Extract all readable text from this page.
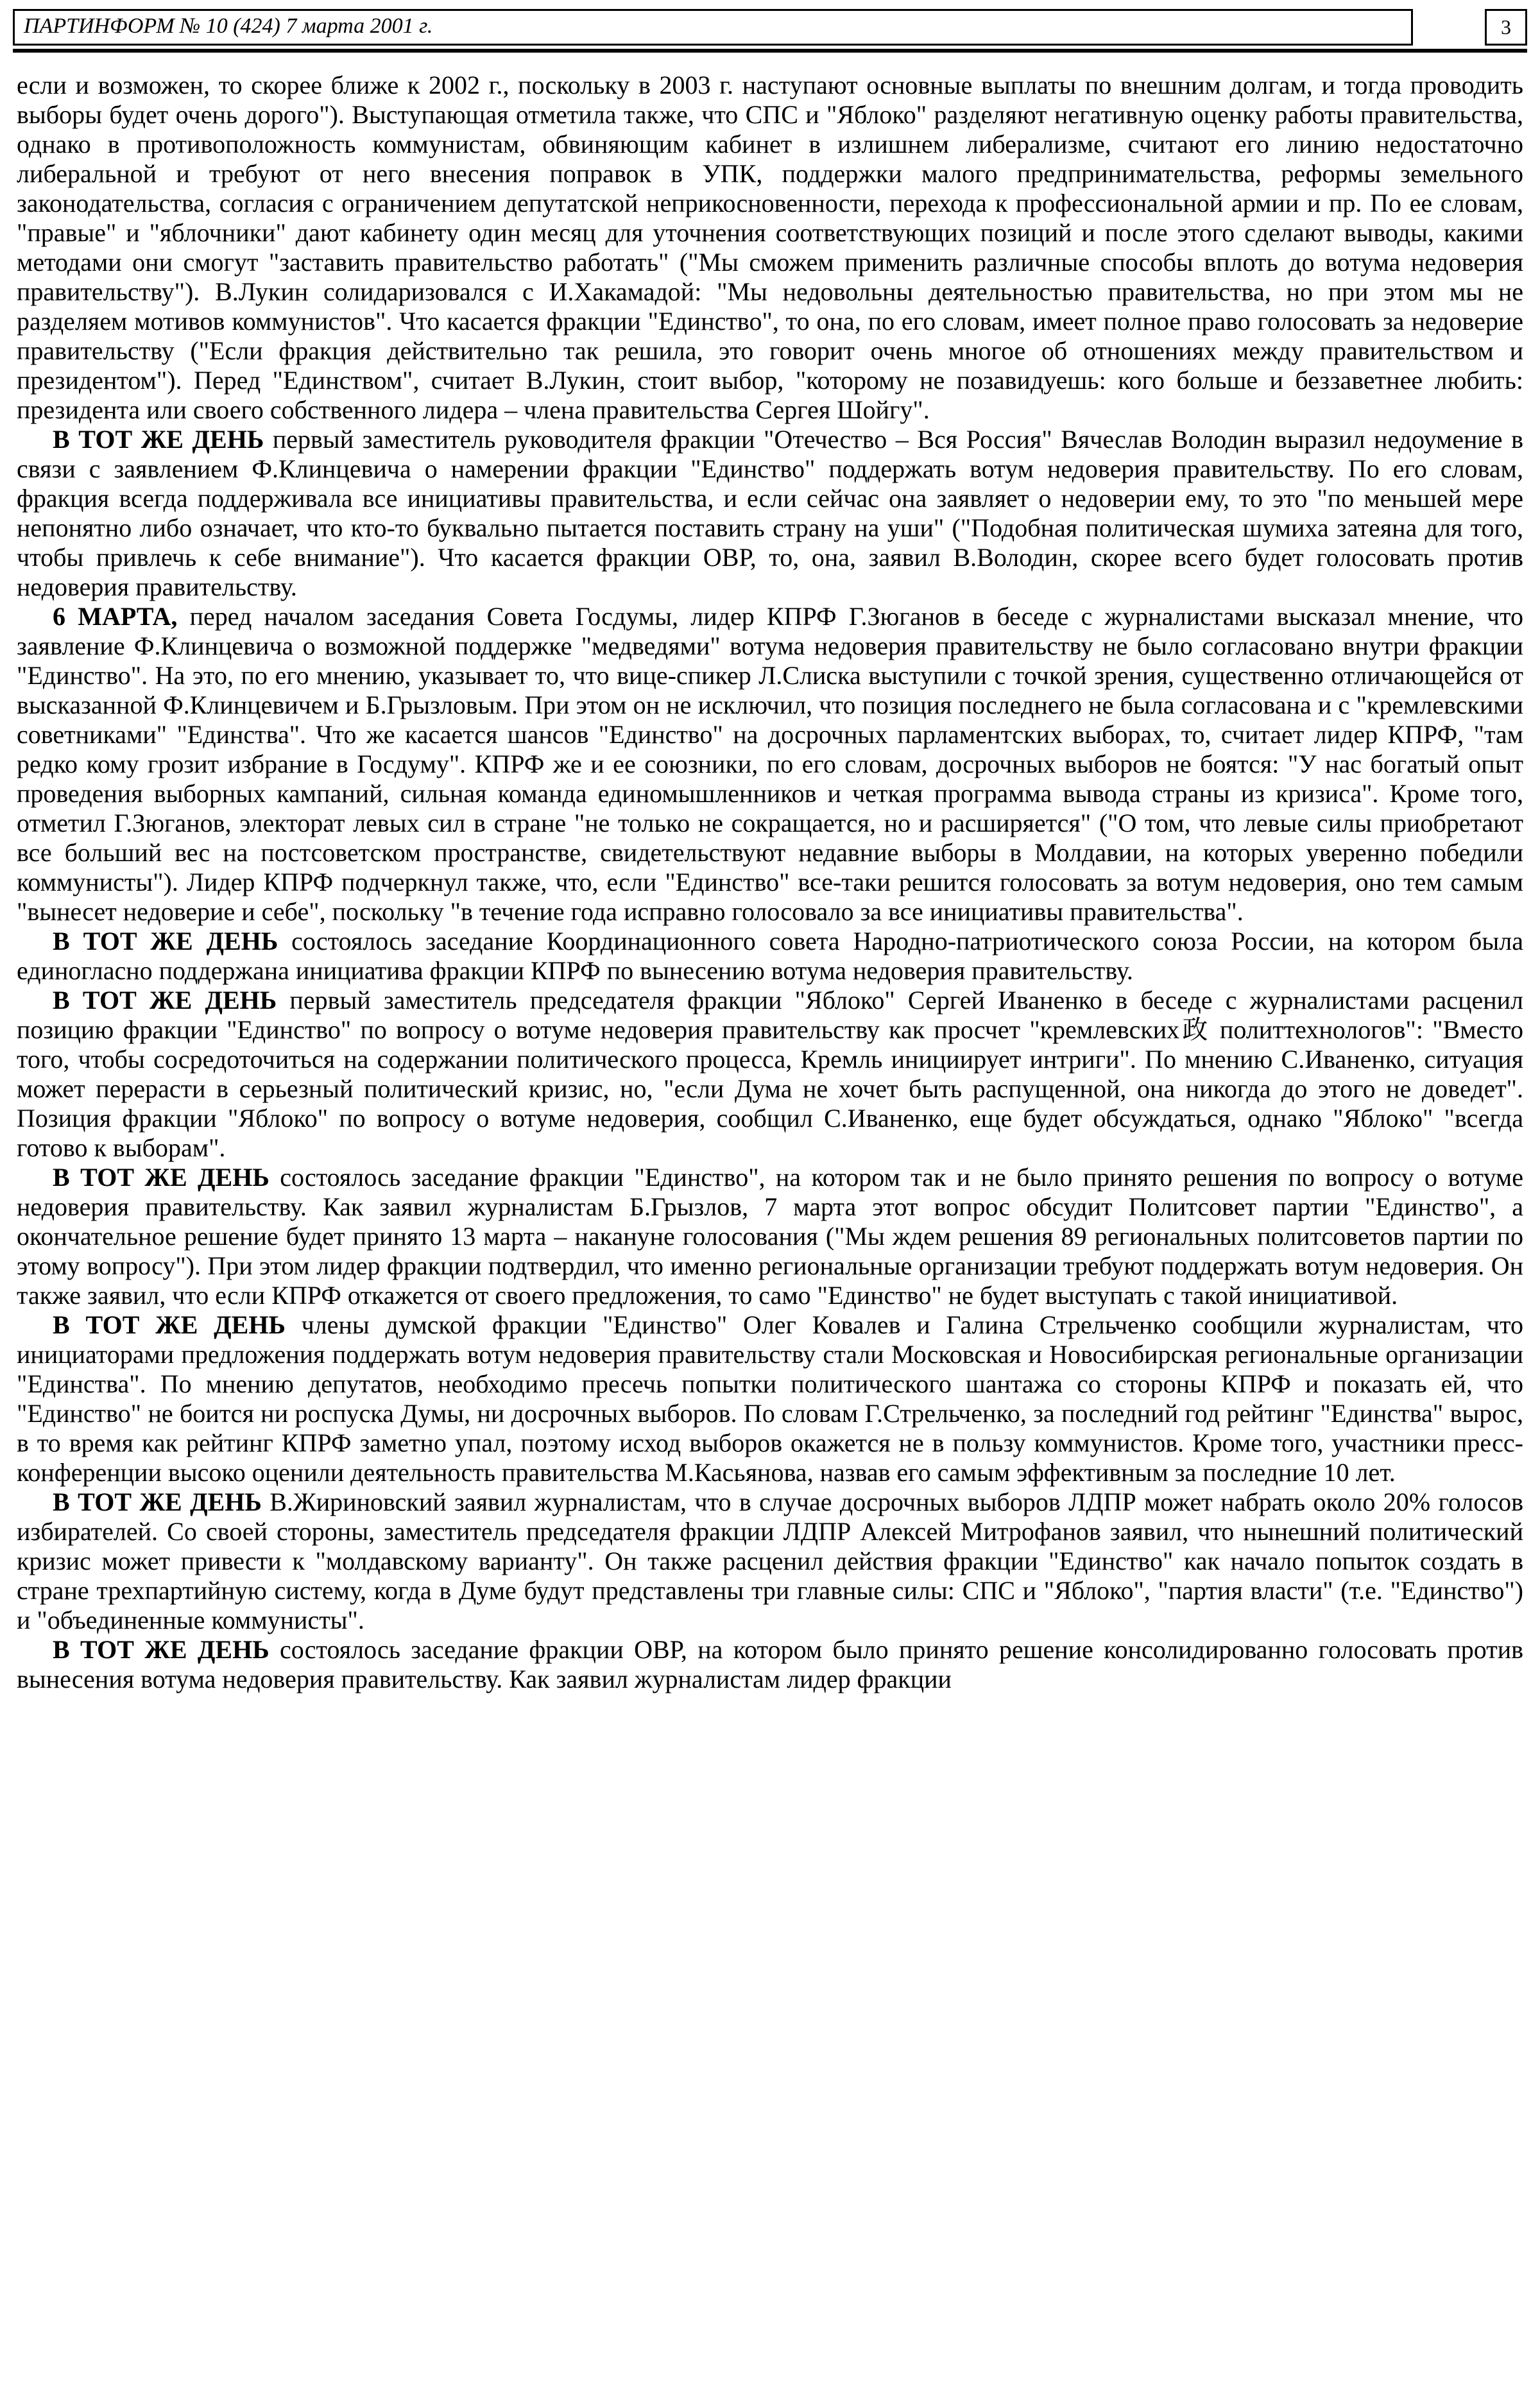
ПАРТИНФОРМ № 10 (424) 7 марта 2001 г.	3

если и возможен, то скорее ближе к 2002 г., поскольку в 2003 г. наступают основные выплаты по внешним долгам, и тогда проводить выборы будет очень дорого"). Выступающая отметила также, что СПС и "Яблоко" разделяют негативную оценку работы правительства, однако в противоположность коммунистам, обвиняющим кабинет в излишнем либерализме, считают его линию недостаточно либеральной и требуют от него внесения поправок в УПК, поддержки малого предпринимательства, реформы земельного законодательства, согласия с ограничением депутатской неприкосновенности, перехода к профессиональной армии и пр. По ее словам, "правые" и "яблочники" дают кабинету один месяц для уточнения соответствующих позиций и после этого сделают выводы, какими методами они смогут "заставить правительство работать" ("Мы сможем применить различные способы вплоть до вотума недоверия правительству"). В.Лукин солидаризовался с И.Хакамадой: "Мы недовольны деятельностью правительства, но при этом мы не разделяем мотивов коммунистов". Что касается фракции "Единство", то она, по его словам, имеет полное право голосовать за недоверие правительству ("Если фракция действительно так решила, это говорит очень многое об отношениях между правительством и президентом"). Перед "Единством", считает В.Лукин, стоит выбор, "которому не позавидуешь: кого больше и беззаветнее любить: президента или своего собственного лидера – члена правительства Сергея Шойгу".

В ТОТ ЖЕ ДЕНЬ первый заместитель руководителя фракции "Отечество – Вся Россия" Вячеслав Володин выразил недоумение в связи с заявлением Ф.Клинцевича о намерении фракции "Единство" поддержать вотум недоверия правительству. По его словам, фракция всегда поддерживала все инициативы правительства, и если сейчас она заявляет о недоверии ему, то это "по меньшей мере непонятно либо означает, что кто-то буквально пытается поставить страну на уши" ("Подобная политическая шумиха затеяна для того, чтобы привлечь к себе внимание"). Что касается фракции ОВР, то, она, заявил В.Володин, скорее всего будет голосовать против недоверия правительству.

6 МАРТА, перед началом заседания Совета Госдумы, лидер КПРФ Г.Зюганов в беседе с журналистами высказал мнение, что заявление Ф.Клинцевича о возможной поддержке "медведями" вотума недоверия правительству не было согласовано внутри фракции "Единство". На это, по его мнению, указывает то, что вице-спикер Л.Слиска выступили с точкой зрения, существенно отличающейся от высказанной Ф.Клинцевичем и Б.Грызловым. При этом он не исключил, что позиция последнего не была согласована и с "кремлевскими советниками" "Единства". Что же касается шансов "Единство" на досрочных парламентских выборах, то, считает лидер КПРФ, "там редко кому грозит избрание в Госдуму". КПРФ же и ее союзники, по его словам, досрочных выборов не боятся: "У нас богатый опыт проведения выборных кампаний, сильная команда единомышленников и четкая программа вывода страны из кризиса". Кроме того, отметил Г.Зюганов, электорат левых сил в стране "не только не сокращается, но и расширяется" ("О том, что левые силы приобретают все больший вес на постсоветском пространстве, свидетельствуют недавние выборы в Молдавии, на которых уверенно победили коммунисты"). Лидер КПРФ подчеркнул также, что, если "Единство" все-таки решится голосовать за вотум недоверия, оно тем самым "вынесет недоверие и себе", поскольку "в течение года исправно голосовало за все инициативы правительства".

В ТОТ ЖЕ ДЕНЬ состоялось заседание Координационного совета Народно-патриотического союза России, на котором была единогласно поддержана инициатива фракции КПРФ по вынесению вотума недоверия правительству.

В ТОТ ЖЕ ДЕНЬ первый заместитель председателя фракции "Яблоко" Сергей Иваненко в беседе с журналистами расценил позицию фракции "Единство" по вопросу о вотуме недоверия правительству как просчет "кремлевских政 политтехнологов": "Вместо того, чтобы сосредоточиться на содержании политического процесса, Кремль инициирует интриги". По мнению С.Иваненко, ситуация может перерасти в серьезный политический кризис, но, "если Дума не хочет быть распущенной, она никогда до этого не доведет". Позиция фракции "Яблоко" по вопросу о вотуме недоверия, сообщил С.Иваненко, еще будет обсуждаться, однако "Яблоко" "всегда готово к выборам".

В ТОТ ЖЕ ДЕНЬ состоялось заседание фракции "Единство", на котором так и не было принято решения по вопросу о вотуме недоверия правительству. Как заявил журналистам Б.Грызлов, 7 марта этот вопрос обсудит Политсовет партии "Единство", а окончательное решение будет принято 13 марта – накануне голосования ("Мы ждем решения 89 региональных политсоветов партии по этому вопросу"). При этом лидер фракции подтвердил, что именно региональные организации требуют поддержать вотум недоверия. Он также заявил, что если КПРФ откажется от своего предложения, то само "Единство" не будет выступать с такой инициативой.

В ТОТ ЖЕ ДЕНЬ члены думской фракции "Единство" Олег Ковалев и Галина Стрельченко сообщили журналистам, что инициаторами предложения поддержать вотум недоверия правительству стали Московская и Новосибирская региональные организации "Единства". По мнению депутатов, необходимо пресечь попытки политического шантажа со стороны КПРФ и показать ей, что "Единство" не боится ни роспуска Думы, ни досрочных выборов. По словам Г.Стрельченко, за последний год рейтинг "Единства" вырос, в то время как рейтинг КПРФ заметно упал, поэтому исход выборов окажется не в пользу коммунистов. Кроме того, участники пресс-конференции высоко оценили деятельность правительства М.Касьянова, назвав его самым эффективным за последние 10 лет.

В ТОТ ЖЕ ДЕНЬ В.Жириновский заявил журналистам, что в случае досрочных выборов ЛДПР может набрать около 20% голосов избирателей. Со своей стороны, заместитель председателя фракции ЛДПР Алексей Митрофанов заявил, что нынешний политический кризис может привести к "молдавскому варианту". Он также расценил действия фракции "Единство" как начало попыток создать в стране трехпартийную систему, когда в Думе будут представлены три главные силы: СПС и "Яблоко", "партия власти" (т.е. "Единство") и "объединенные коммунисты".

В ТОТ ЖЕ ДЕНЬ состоялось заседание фракции ОВР, на котором было принято решение консолидированно голосовать против вынесения вотума недоверия правительству. Как заявил журналистам лидер фракции
